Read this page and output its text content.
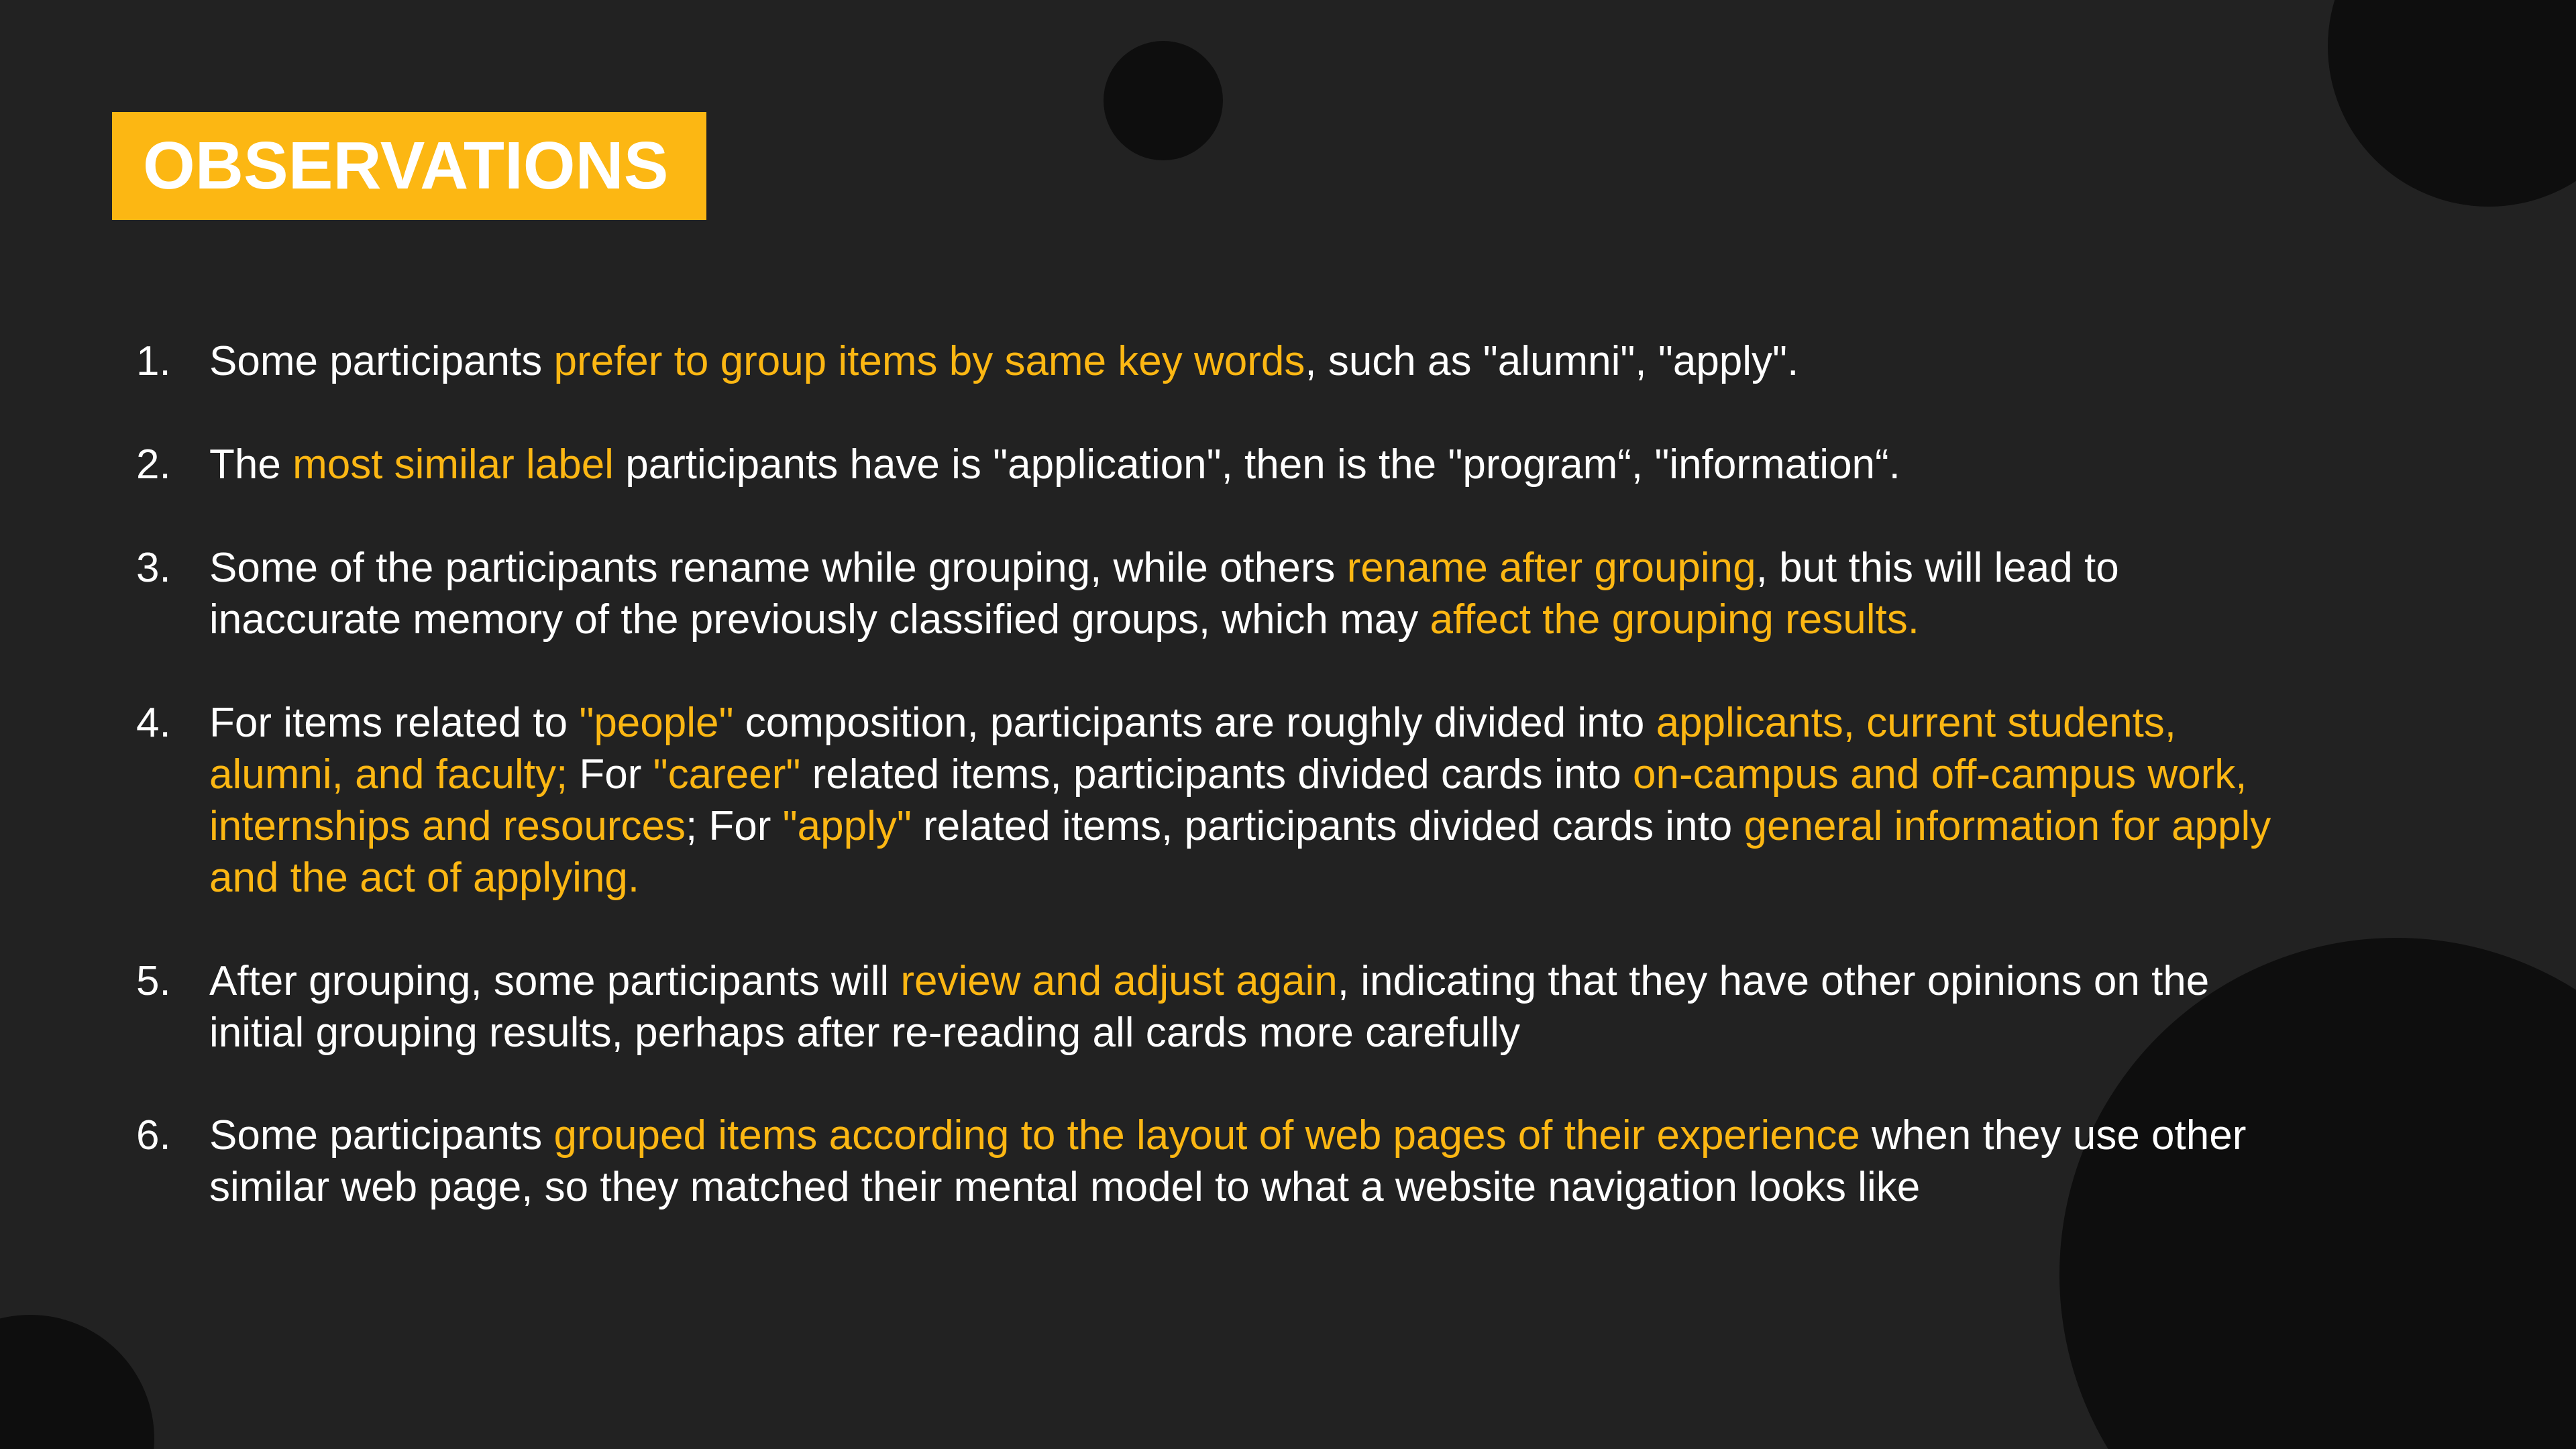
OBSERVATIONS
1. Some participants prefer to group items by same key words, such as "alumni", "apply".
2. The most similar label participants have is "application", then is the "program“, "information“.
3. Some of the participants rename while grouping, while others rename after grouping, but this will lead to
inaccurate memory of the previously classified groups, which may affect the grouping results.
4. For items related to "people" composition, participants are roughly divided into applicants, current students,
alumni, and faculty; For "career" related items, participants divided cards into on-campus and off-campus work,
internships and resources; For "apply" related items, participants divided cards into general information for apply
and the act of applying.
5. After grouping, some participants will review and adjust again, indicating that they have other opinions on the
initial grouping results, perhaps after re-reading all cards more carefully
6. Some participants grouped items according to the layout of web pages of their experience when they use other
similar web page, so they matched their mental model to what a website navigation looks like
